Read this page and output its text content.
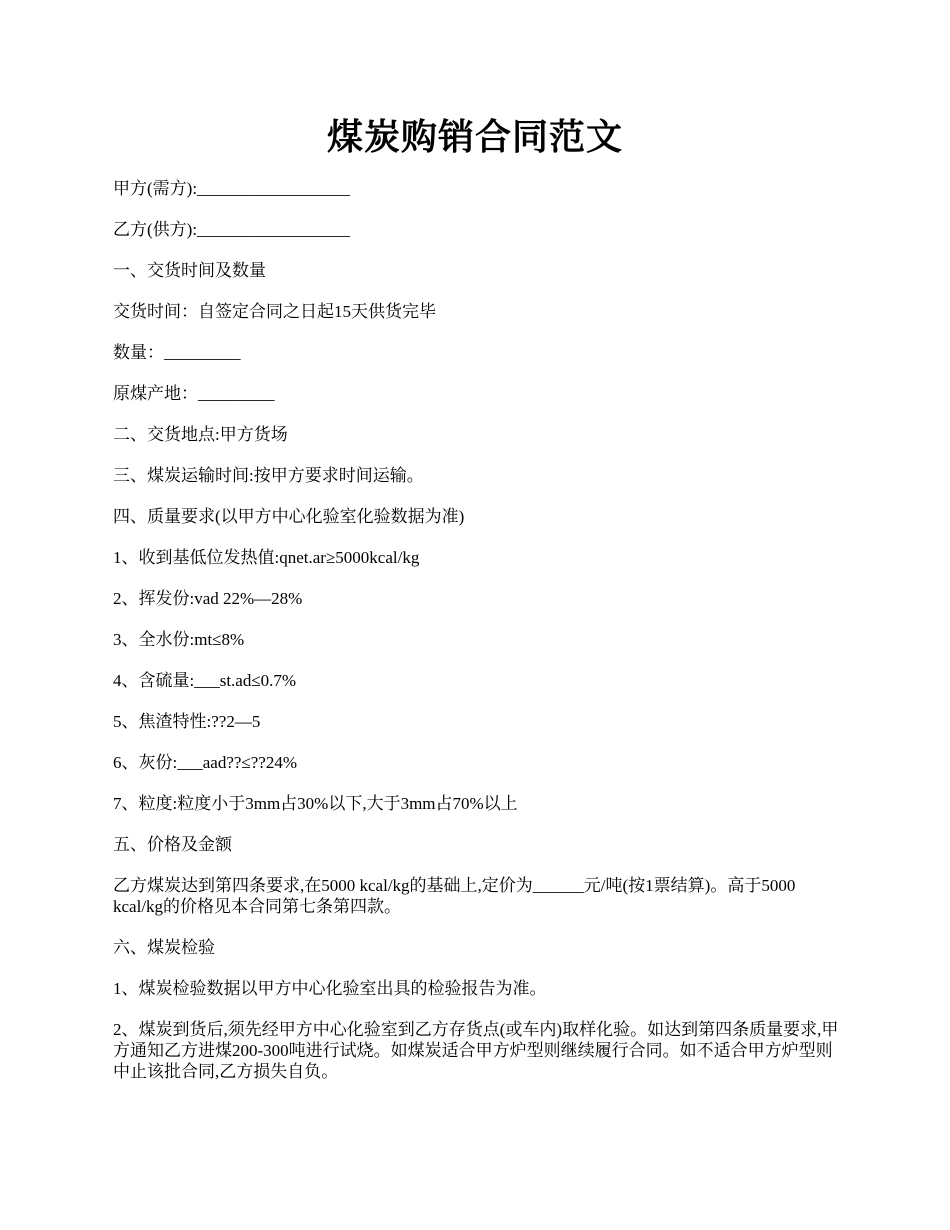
煤炭购销合同范文

甲方(需方):__________________

乙方(供方):__________________

一、交货时间及数量

交货时间：自签定合同之日起15天供货完毕

数量：_________

原煤产地：_________

二、交货地点:甲方货场

三、煤炭运输时间:按甲方要求时间运输。

四、质量要求(以甲方中心化验室化验数据为准)

1、收到基低位发热值:qnet.ar≥5000kcal/kg

2、挥发份:vad 22%—28%

3、全水份:mt≤8%

4、含硫量:___st.ad≤0.7%

5、焦渣特性:??2—5

6、灰份:___aad??≤??24%

7、粒度:粒度小于3mm占30%以下,大于3mm占70%以上

五、价格及金额

乙方煤炭达到第四条要求,在5000 kcal/kg的基础上,定价为______元/吨(按1票结算)。高于5000 kcal/kg的价格见本合同第七条第四款。

六、煤炭检验

1、煤炭检验数据以甲方中心化验室出具的检验报告为准。

2、煤炭到货后,须先经甲方中心化验室到乙方存货点(或车内)取样化验。如达到第四条质量要求,甲方通知乙方进煤200-300吨进行试烧。如煤炭适合甲方炉型则继续履行合同。如不适合甲方炉型则中止该批合同,乙方损失自负。
